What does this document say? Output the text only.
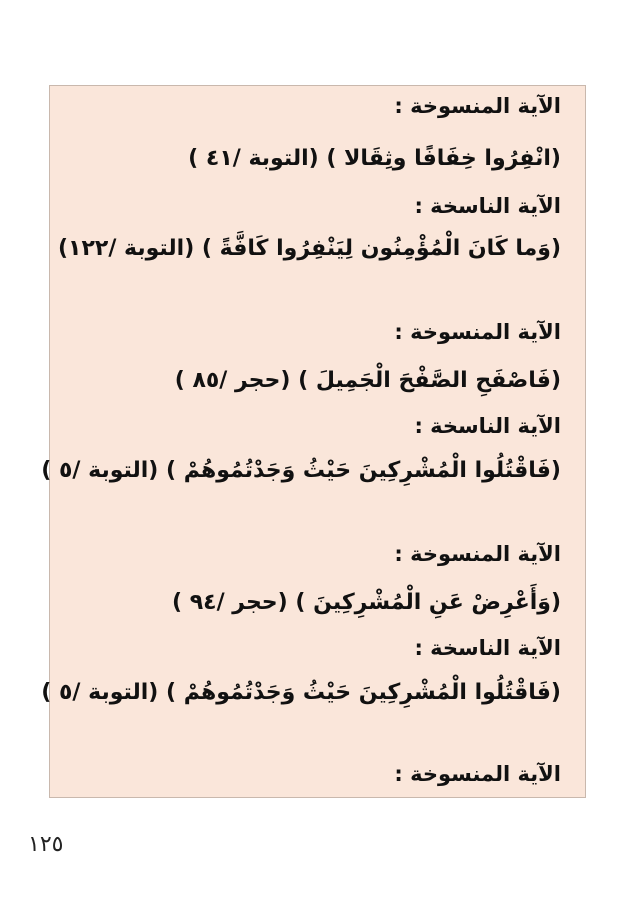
الآية المنسوخة :
(انْفِرُوا خِفَافًا وثِقَالا ) (التوبة /٤١ )
الآية الناسخة :
(وَما كَانَ الْمُؤْمِنُون لِيَنْفِرُوا كَافَّةً ) (التوبة /١٢٢)
الآية المنسوخة :
(فَاصْفَحِ الصَّفْحَ الْجَمِيلَ ) (حجر /٨٥ )
الآية الناسخة :
(فَاقْتُلُوا الْمُشْرِكِينَ حَيْثُ وَجَدْتُمُوهُمْ ) (التوبة /٥ )
الآية المنسوخة :
(وَأَعْرِضْ عَنِ الْمُشْرِكِينَ ) (حجر /٩٤ )
الآية الناسخة :
(فَاقْتُلُوا الْمُشْرِكِينَ حَيْثُ وَجَدْتُمُوهُمْ ) (التوبة /٥ )
الآية المنسوخة :
١٢٥
